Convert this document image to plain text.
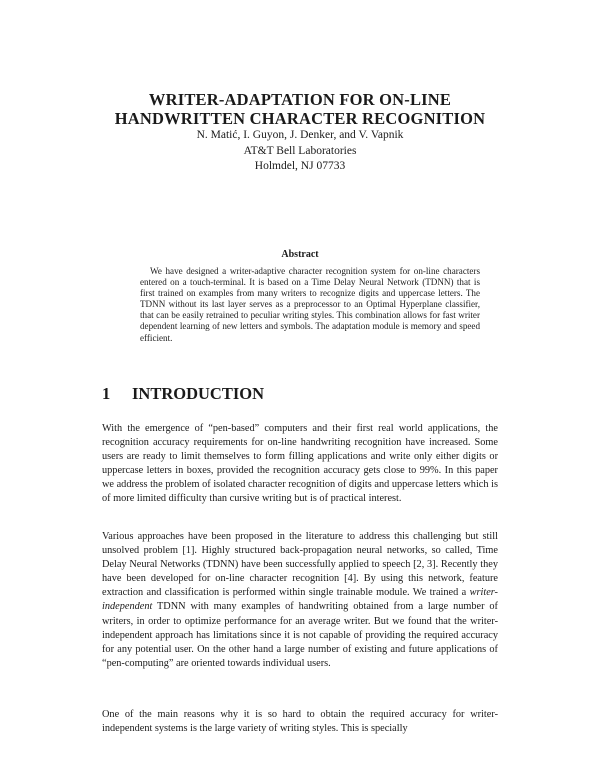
WRITER-ADAPTATION FOR ON-LINE
HANDWRITTEN CHARACTER RECOGNITION
N. Matić, I. Guyon, J. Denker, and V. Vapnik
AT&T Bell Laboratories
Holmdel, NJ 07733
Abstract
We have designed a writer-adaptive character recognition system for on-line characters entered on a touch-terminal. It is based on a Time Delay Neural Network (TDNN) that is first trained on examples from many writers to recognize digits and uppercase letters. The TDNN without its last layer serves as a preprocessor to an Optimal Hyperplane classifier, that can be easily retrained to peculiar writing styles. This combination allows for fast writer dependent learning of new letters and symbols. The adaptation module is memory and speed efficient.
1 INTRODUCTION
With the emergence of “pen-based” computers and their first real world applications, the recognition accuracy requirements for on-line handwriting recognition have increased. Some users are ready to limit themselves to form filling applications and write only either digits or uppercase letters in boxes, provided the recognition accuracy gets close to 99%. In this paper we address the problem of isolated character recognition of digits and uppercase letters which is of more limited difficulty than cursive writing but is of practical interest.
Various approaches have been proposed in the literature to address this challenging but still unsolved problem [1]. Highly structured back-propagation neural networks, so called, Time Delay Neural Networks (TDNN) have been successfully applied to speech [2, 3]. Recently they have been developed for on-line character recognition [4]. By using this network, feature extraction and classification is performed within single trainable module. We trained a writer-independent TDNN with many examples of handwriting obtained from a large number of writers, in order to optimize performance for an average writer. But we found that the writer-independent approach has limitations since it is not capable of providing the required accuracy for any potential user. On the other hand a large number of existing and future applications of “pen-computing” are oriented towards individual users.
One of the main reasons why it is so hard to obtain the required accuracy for writer-independent systems is the large variety of writing styles. This is specially
